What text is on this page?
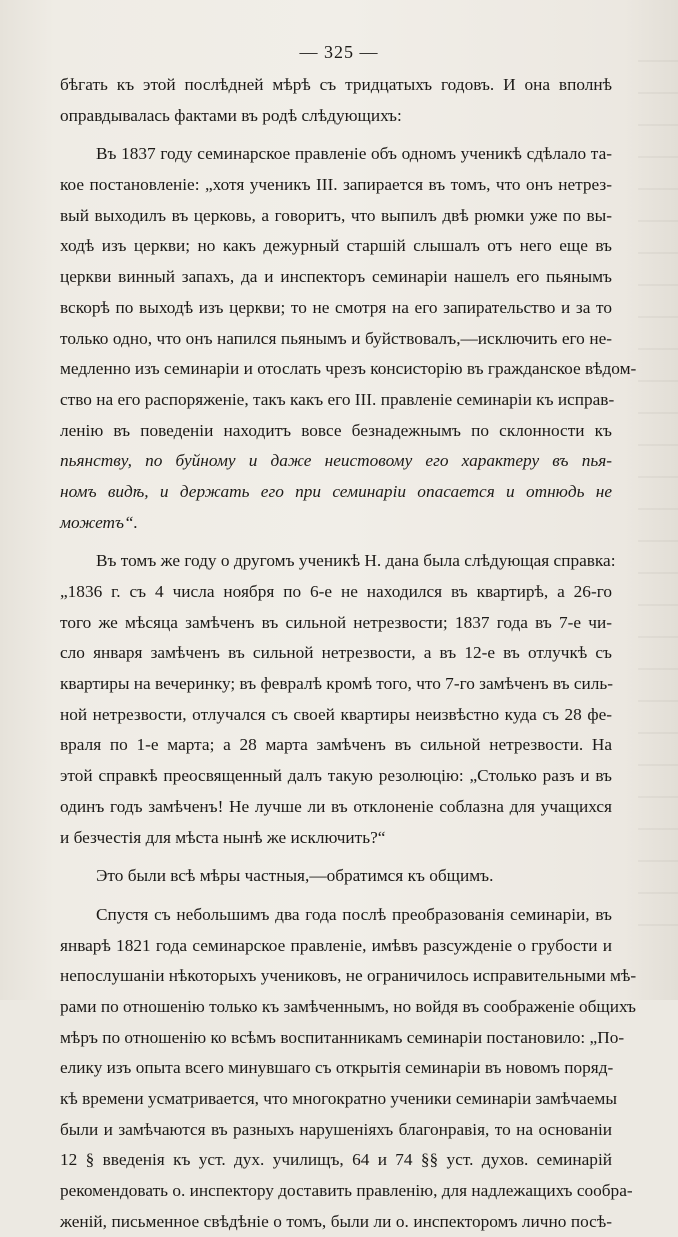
— 325 —
бѣгать къ этой послѣдней мѣрѣ съ тридцатыхъ годовъ. И она вполнѣ
оправдывалась фактами въ родѣ слѣдующихъ:
Въ 1837 году семинарское правленіе объ одномъ ученикѣ сдѣлало та-
кое постановленіе: „хотя ученикъ III. запирается въ томъ, что онъ нетрез-
вый выходилъ въ церковь, а говоритъ, что выпилъ двѣ рюмки уже по вы-
ходѣ изъ церкви; но какъ дежурный старшій слышалъ отъ него еще въ
церкви винный запахъ, да и инспекторъ семинаріи нашелъ его пьянымъ
вскорѣ по выходѣ изъ церкви; то не смотря на его запирательство и за то
только одно, что онъ напился пьянымъ и буйствовалъ,—исключить его не-
медленно изъ семинаріи и отослать чрезъ консисторію въ гражданское вѣдом-
ство на его распоряженіе, такъ какъ его III. правленіе семинаріи къ исправ-
ленію въ поведеніи находитъ вовсе безнадежнымъ по склонности къ
пьянству, по буйному и даже неистовому его характеру въ пья-
номъ видѣ, и держать его при семинаріи опасается и отнюдь не
можетъ“.
Въ томъ же году о другомъ ученикѣ Н. дана была слѣдующая справка:
„1836 г. съ 4 числа ноября по 6-е не находился въ квартирѣ, а 26-го
того же мѣсяца замѣченъ въ сильной нетрезвости; 1837 года въ 7-е чи-
сло января замѣченъ въ сильной нетрезвости, а въ 12-е въ отлучкѣ съ
квартиры на вечеринку; въ февралѣ кромѣ того, что 7-го замѣченъ въ силь-
ной нетрезвости, отлучался съ своей квартиры неизвѣстно куда съ 28 фе-
враля по 1-е марта; а 28 марта замѣченъ въ сильной нетрезвости. На
этой справкѣ преосвященный далъ такую резолюцію: „Столько разъ и въ
одинъ годъ замѣченъ! Не лучше ли въ отклоненіе соблазна для учащихся
и безчестія для мѣста нынѣ же исключить?“
Это были всѣ мѣры частныя,—обратимся къ общимъ.
Спустя съ небольшимъ два года послѣ преобразованія семинаріи, въ
январѣ 1821 года семинарское правленіе, имѣвъ разсужденіе о грубости и
непослушаніи нѣкоторыхъ учениковъ, не ограничилось исправительными мѣ-
рами по отношенію только къ замѣченнымъ, но войдя въ соображеніе общихъ
мѣръ по отношенію ко всѣмъ воспитанникамъ семинаріи постановило: „По-
елику изъ опыта всего минувшаго съ открытія семинаріи въ новомъ поряд-
кѣ времени усматривается, что многократно ученики семинаріи замѣчаемы
были и замѣчаются въ разныхъ нарушеніяхъ благонравія, то на основаніи
12 § введенія къ уст. дух. училищъ, 64 и 74 §§ уст. духов. семинарій
рекомендовать о. инспектору доставить правленію, для надлежащихъ сообра-
женій, письменное свѣдѣніе о томъ, были ли о. инспекторомъ лично посѣ-
